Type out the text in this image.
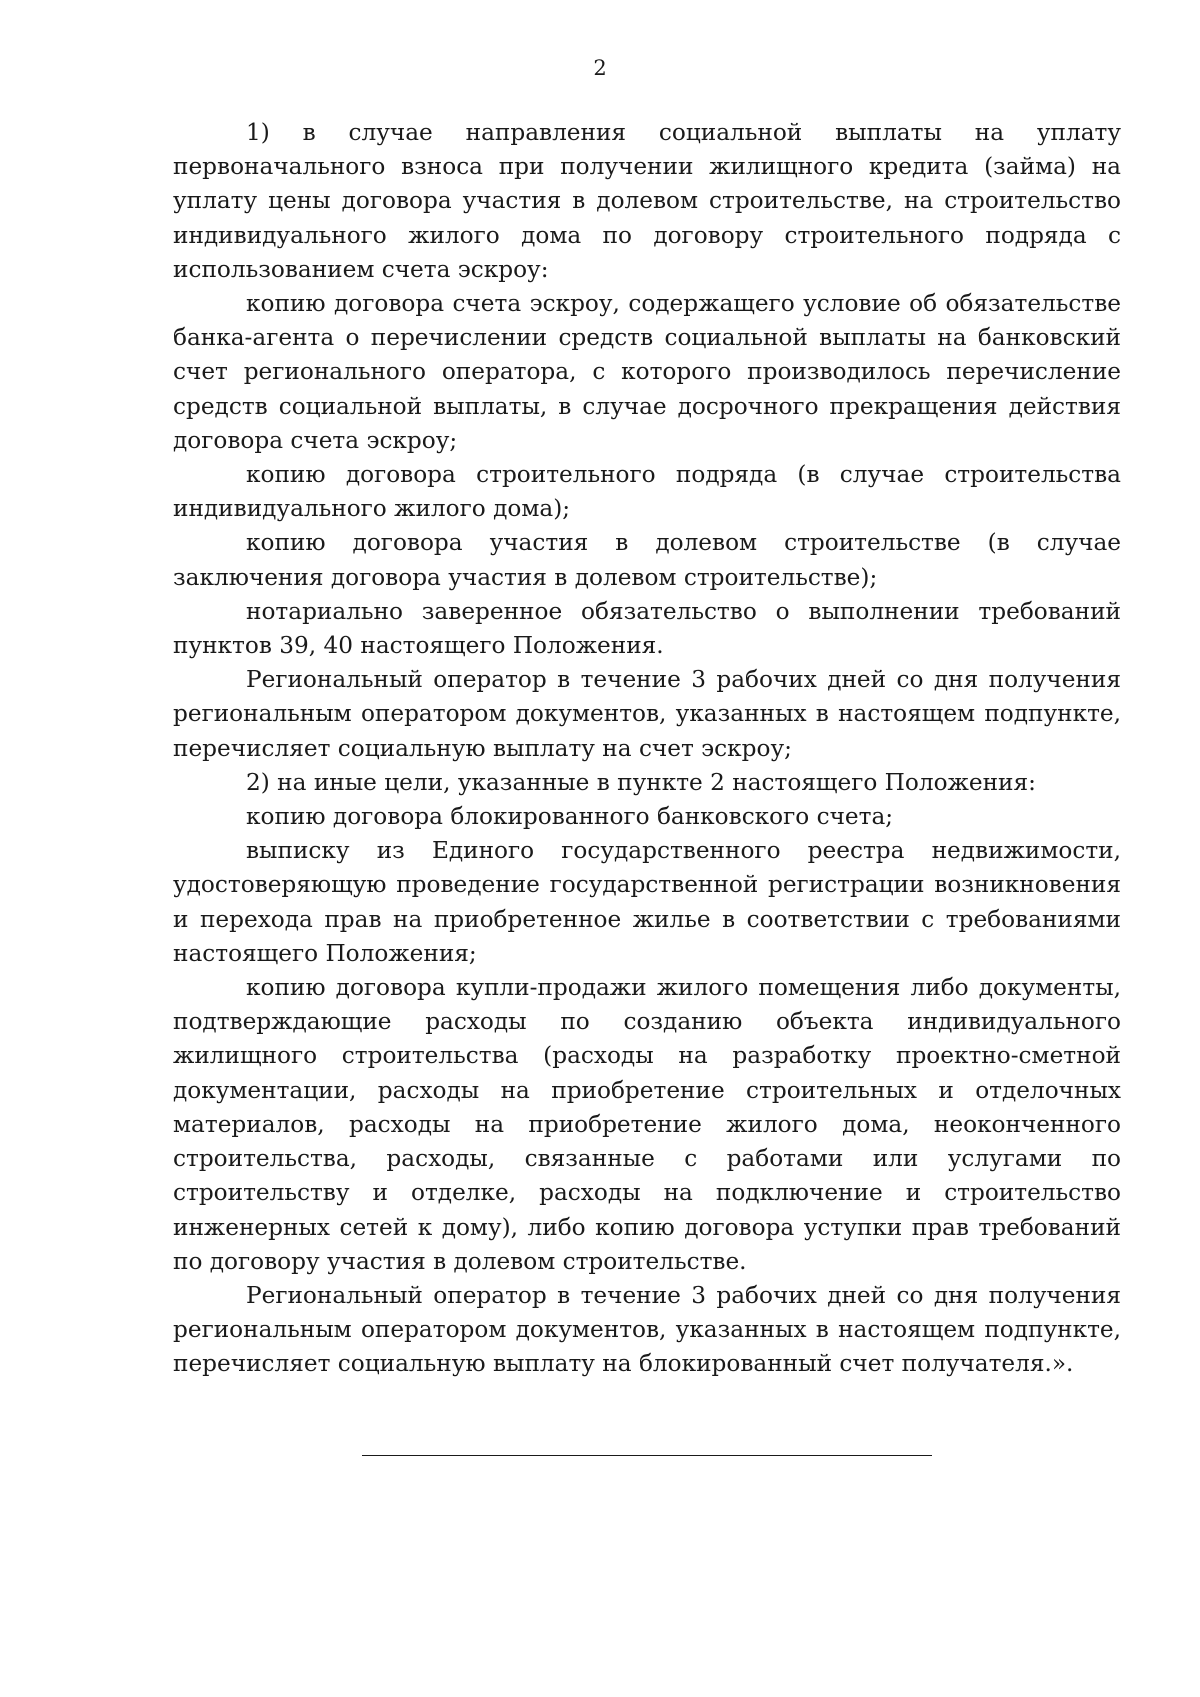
2

1) в случае направления социальной выплаты на уплату первоначального взноса при получении жилищного кредита (займа) на уплату цены договора участия в долевом строительстве, на строительство индивидуального жилого дома по договору строительного подряда с использованием счета эскроу:

копию договора счета эскроу, содержащего условие об обязательстве банка-агента о перечислении средств социальной выплаты на банковский счет регионального оператора, с которого производилось перечисление средств социальной выплаты, в случае досрочного прекращения действия договора счета эскроу;

копию договора строительного подряда (в случае строительства индивидуального жилого дома);

копию договора участия в долевом строительстве (в случае заключения договора участия в долевом строительстве);

нотариально заверенное обязательство о выполнении требований пунктов 39, 40 настоящего Положения.

Региональный оператор в течение 3 рабочих дней со дня получения региональным оператором документов, указанных в настоящем подпункте, перечисляет социальную выплату на счет эскроу;

2) на иные цели, указанные в пункте 2 настоящего Положения:

копию договора блокированного банковского счета;

выписку из Единого государственного реестра недвижимости, удостоверяющую проведение государственной регистрации возникновения и перехода прав на приобретенное жилье в соответствии с требованиями настоящего Положения;

копию договора купли-продажи жилого помещения либо документы, подтверждающие расходы по созданию объекта индивидуального жилищного строительства (расходы на разработку проектно-сметной документации, расходы на приобретение строительных и отделочных материалов, расходы на приобретение жилого дома, неоконченного строительства, расходы, связанные с работами или услугами по строительству и отделке, расходы на подключение и строительство инженерных сетей к дому), либо копию договора уступки прав требований по договору участия в долевом строительстве.

Региональный оператор в течение 3 рабочих дней со дня получения региональным оператором документов, указанных в настоящем подпункте, перечисляет социальную выплату на блокированный счет получателя.».
